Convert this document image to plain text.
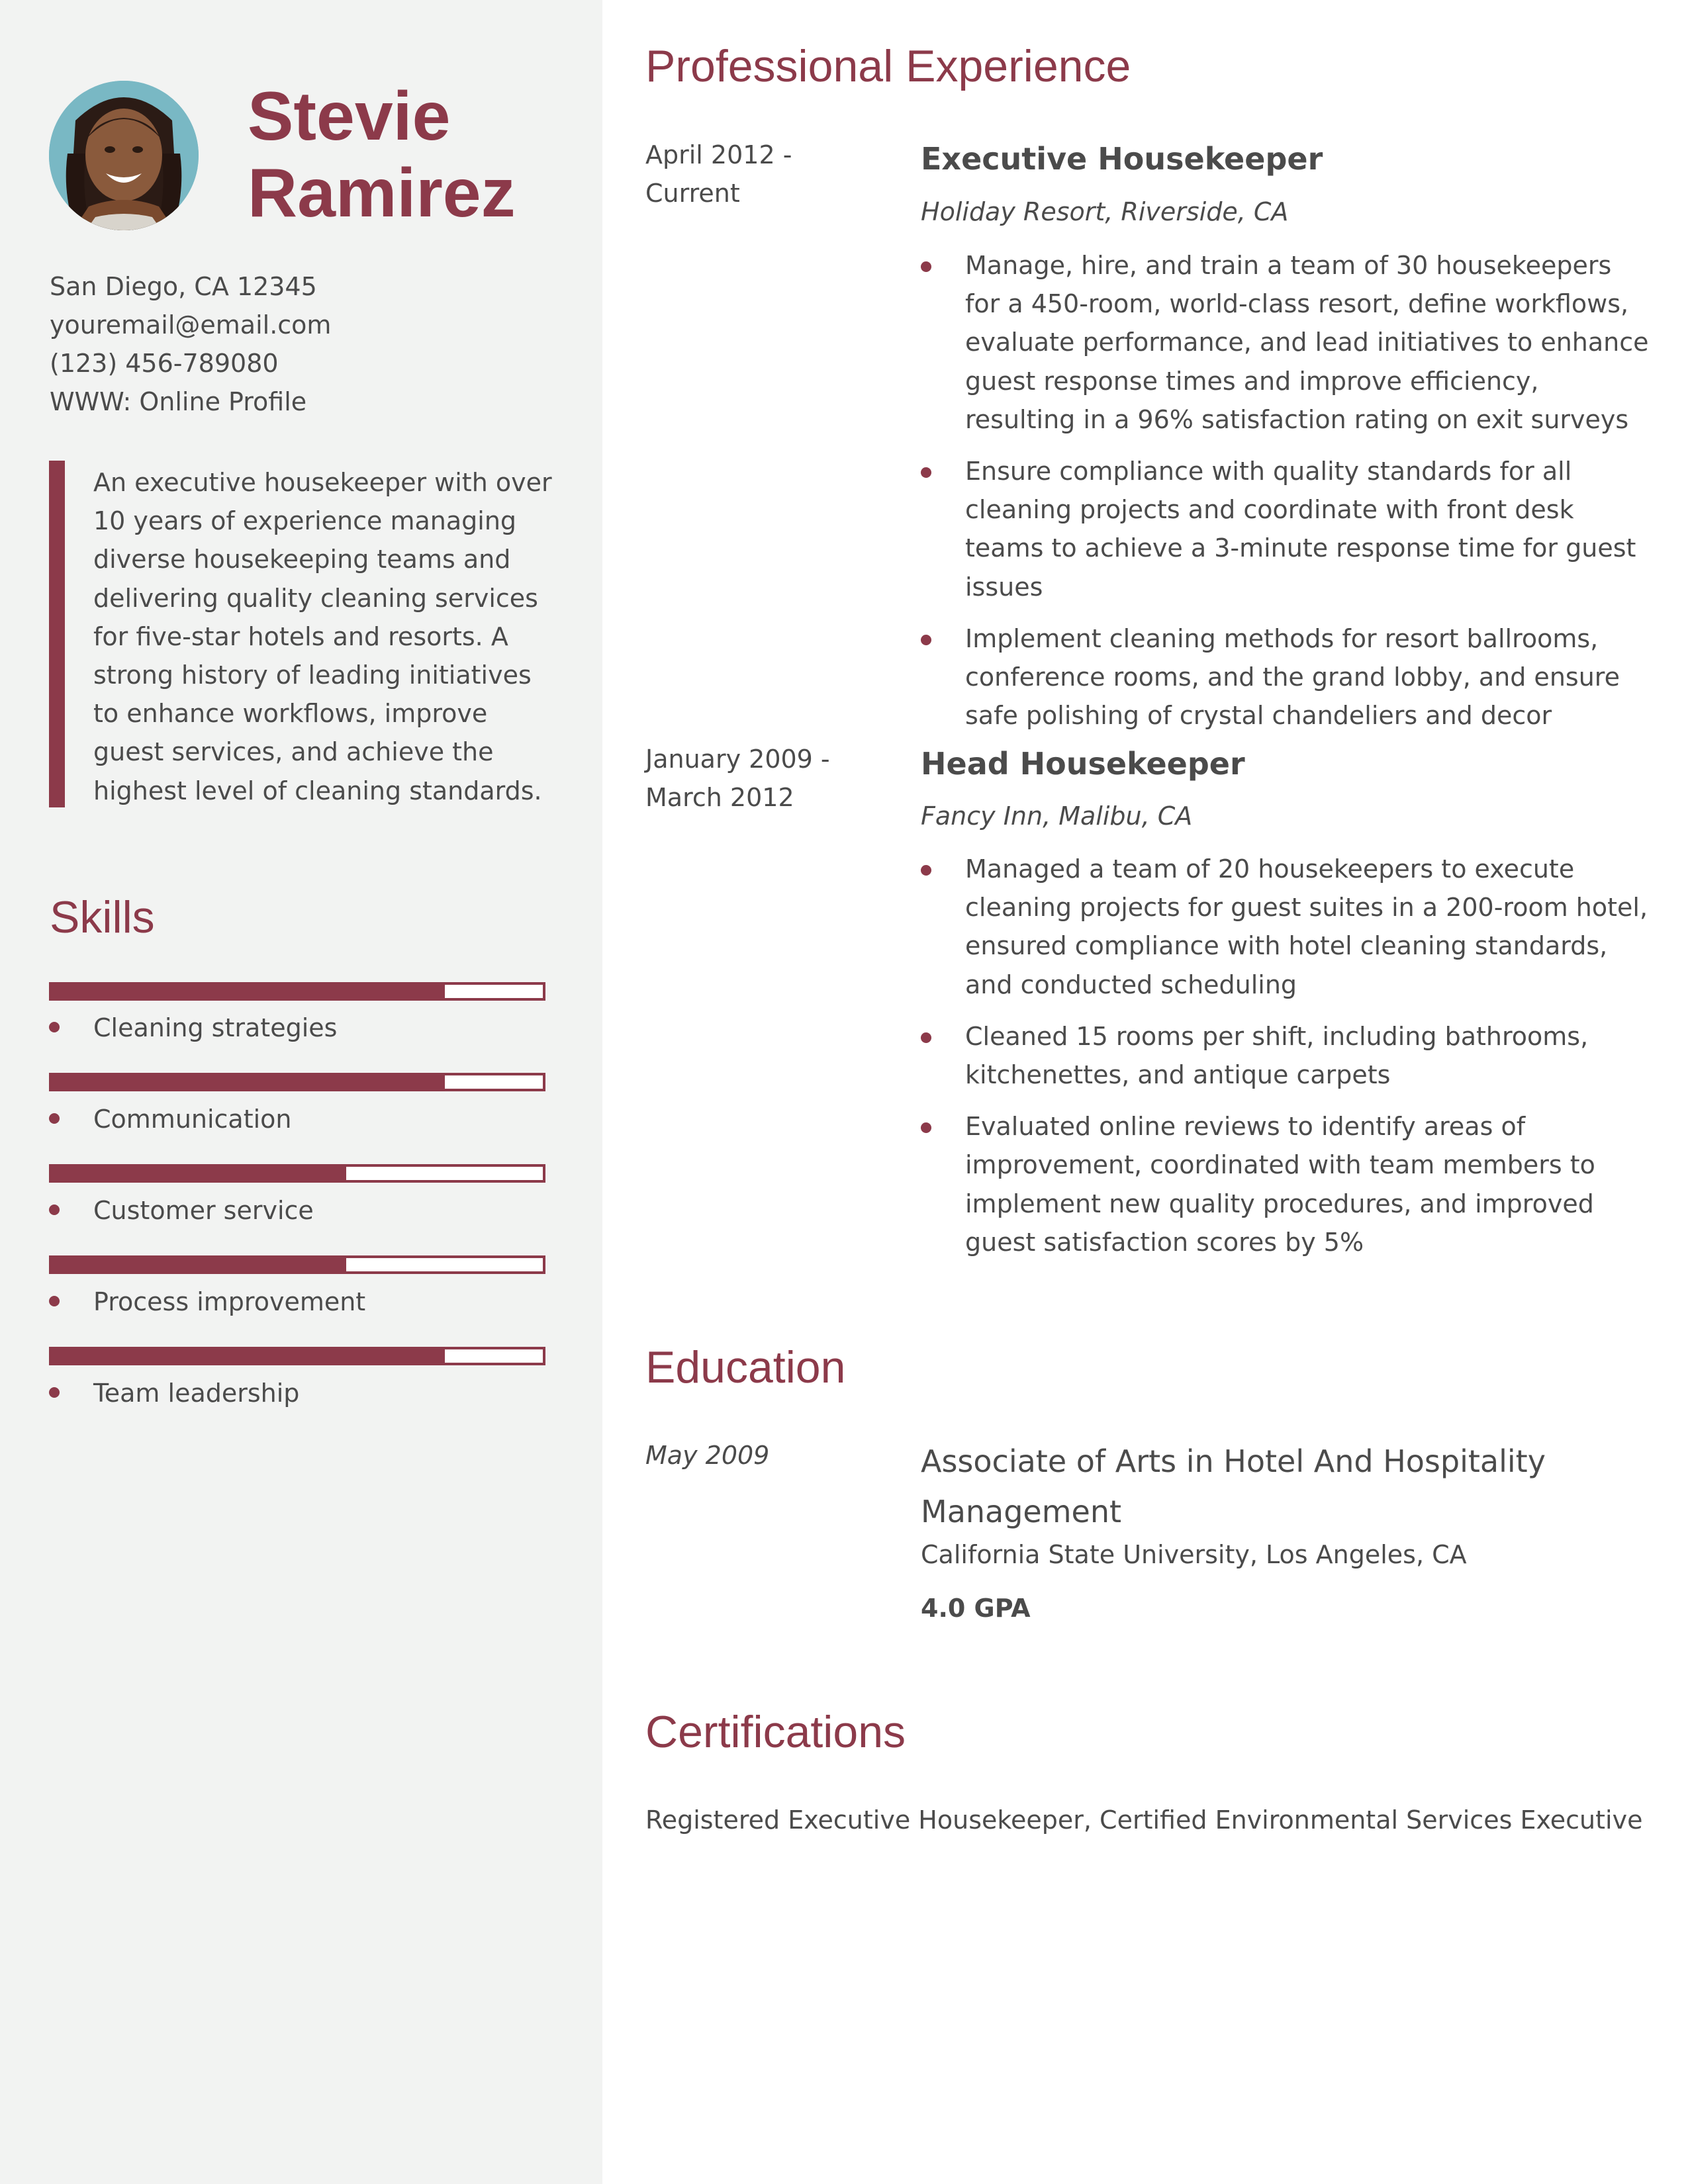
Stevie
Ramirez
San Diego, CA 12345
youremail@email.com
(123) 456-789080
WWW: Online Profile
An executive housekeeper with over 10 years of experience managing diverse housekeeping teams and delivering quality cleaning services for five-star hotels and resorts. A strong history of leading initiatives to enhance workflows, improve guest services, and achieve the highest level of cleaning standards.
Skills
Cleaning strategies
Communication
Customer service
Process improvement
Team leadership
Professional Experience
April 2012 -
Current
Executive Housekeeper
Holiday Resort, Riverside, CA
Manage, hire, and train a team of 30 housekeepers for a 450-room, world-class resort, define workflows, evaluate performance, and lead initiatives to enhance guest response times and improve efficiency, resulting in a 96% satisfaction rating on exit surveys
Ensure compliance with quality standards for all cleaning projects and coordinate with front desk teams to achieve a 3-minute response time for guest issues
Implement cleaning methods for resort ballrooms, conference rooms, and the grand lobby, and ensure safe polishing of crystal chandeliers and decor
January 2009 -
March 2012
Head Housekeeper
Fancy Inn, Malibu, CA
Managed a team of 20 housekeepers to execute cleaning projects for guest suites in a 200-room hotel, ensured compliance with hotel cleaning standards, and conducted scheduling
Cleaned 15 rooms per shift, including bathrooms, kitchenettes, and antique carpets
Evaluated online reviews to identify areas of improvement, coordinated with team members to implement new quality procedures, and improved guest satisfaction scores by 5%
Education
May 2009	Associate of Arts in Hotel And Hospitality Management
California State University, Los Angeles, CA
4.0 GPA
Certifications
Registered Executive Housekeeper, Certified Environmental Services Executive
